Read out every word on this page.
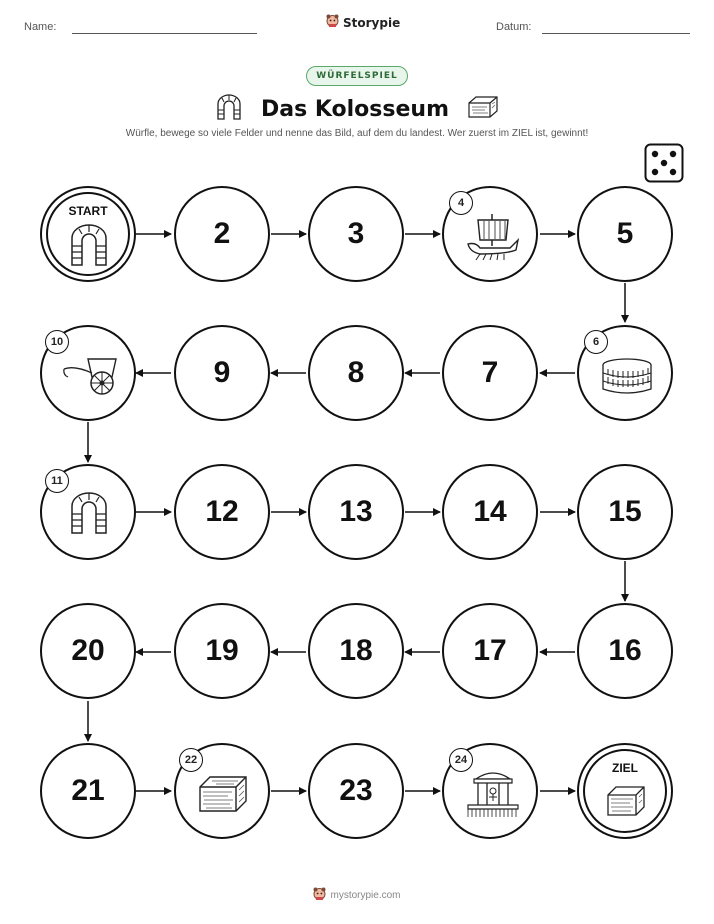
Name:	Storypie	Datum:
WÜRFELSPIEL
Das Kolosseum
Würfle, bewege so viele Felder und nenne das Bild, auf dem du landest. Wer zuerst im ZIEL ist, gewinnt!
START
2	3
4
5
10
9	8	7
6
11
12	13	14	15
20	19	18	17	16
21
22
23
24
ZIEL
mystorypie.com
